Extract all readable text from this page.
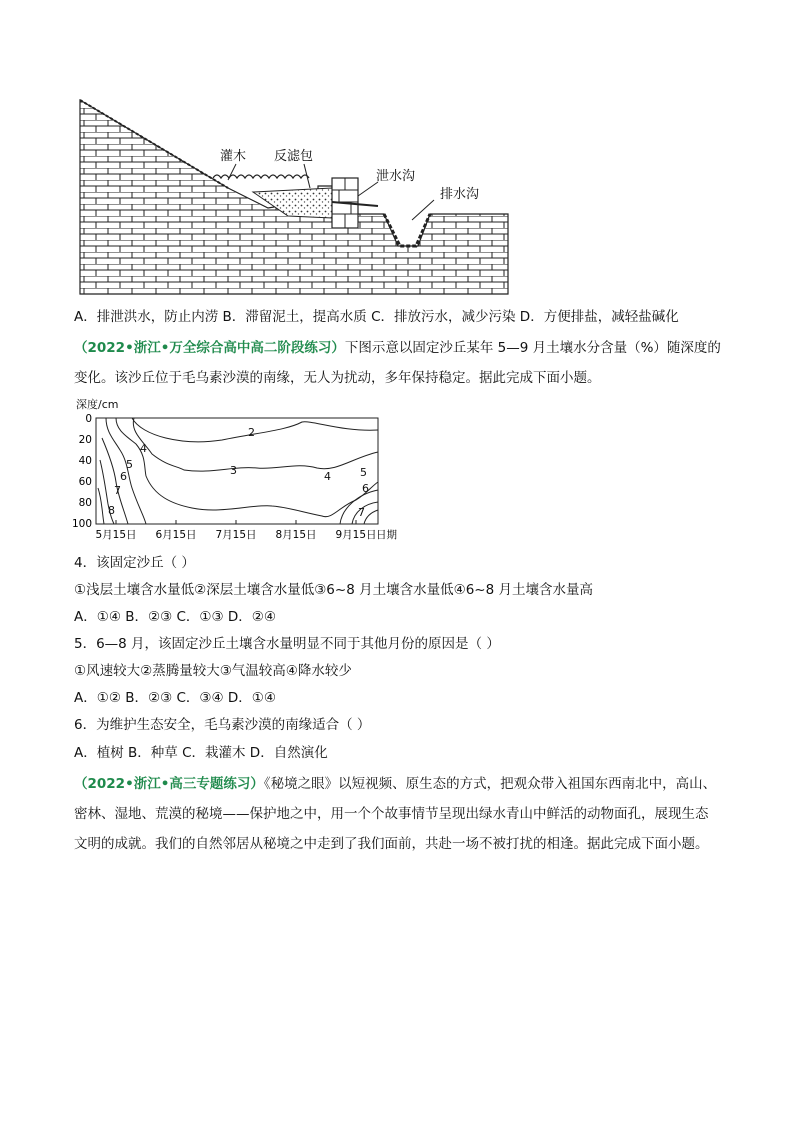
灌木 反滤包
泄水沟
排水沟
A．排泄洪水，防止内涝 B．滞留泥土，提高水质 C．排放污水，减少污染 D．方便排盐，减轻盐碱化
（2022•浙江•万全综合高中高二阶段练习）下图示意以固定沙丘某年 5—9 月土壤水分含量（%）随深度的
变化。该沙丘位于毛乌素沙漠的南缘，无人为扰动，多年保持稳定。据此完成下面小题。
深度/cm
0
20
40
60
80
100
5月15日 6月15日 7月15日 8月15日 9月15日 日期
2
3
4
4
5
5
6
6
7
7
8
4．该固定沙丘（ ）
①浅层土壤含水量低②深层土壤含水量低③6~8 月土壤含水量低④6~8 月土壤含水量高
A．①④ B．②③ C．①③ D．②④
5．6—8 月，该固定沙丘土壤含水量明显不同于其他月份的原因是（ ）
①风速较大②蒸腾量较大③气温较高④降水较少
A．①② B．②③ C．③④ D．①④
6．为维护生态安全，毛乌素沙漠的南缘适合（ ）
A．植树 B．种草 C．栽灌木 D．自然演化
（2022•浙江•高三专题练习）《秘境之眼》以短视频、原生态的方式，把观众带入祖国东西南北中，高山、
密林、湿地、荒漠的秘境——保护地之中，用一个个故事情节呈现出绿水青山中鲜活的动物面孔，展现生态
文明的成就。我们的自然邻居从秘境之中走到了我们面前，共赴一场不被打扰的相逢。据此完成下面小题。
